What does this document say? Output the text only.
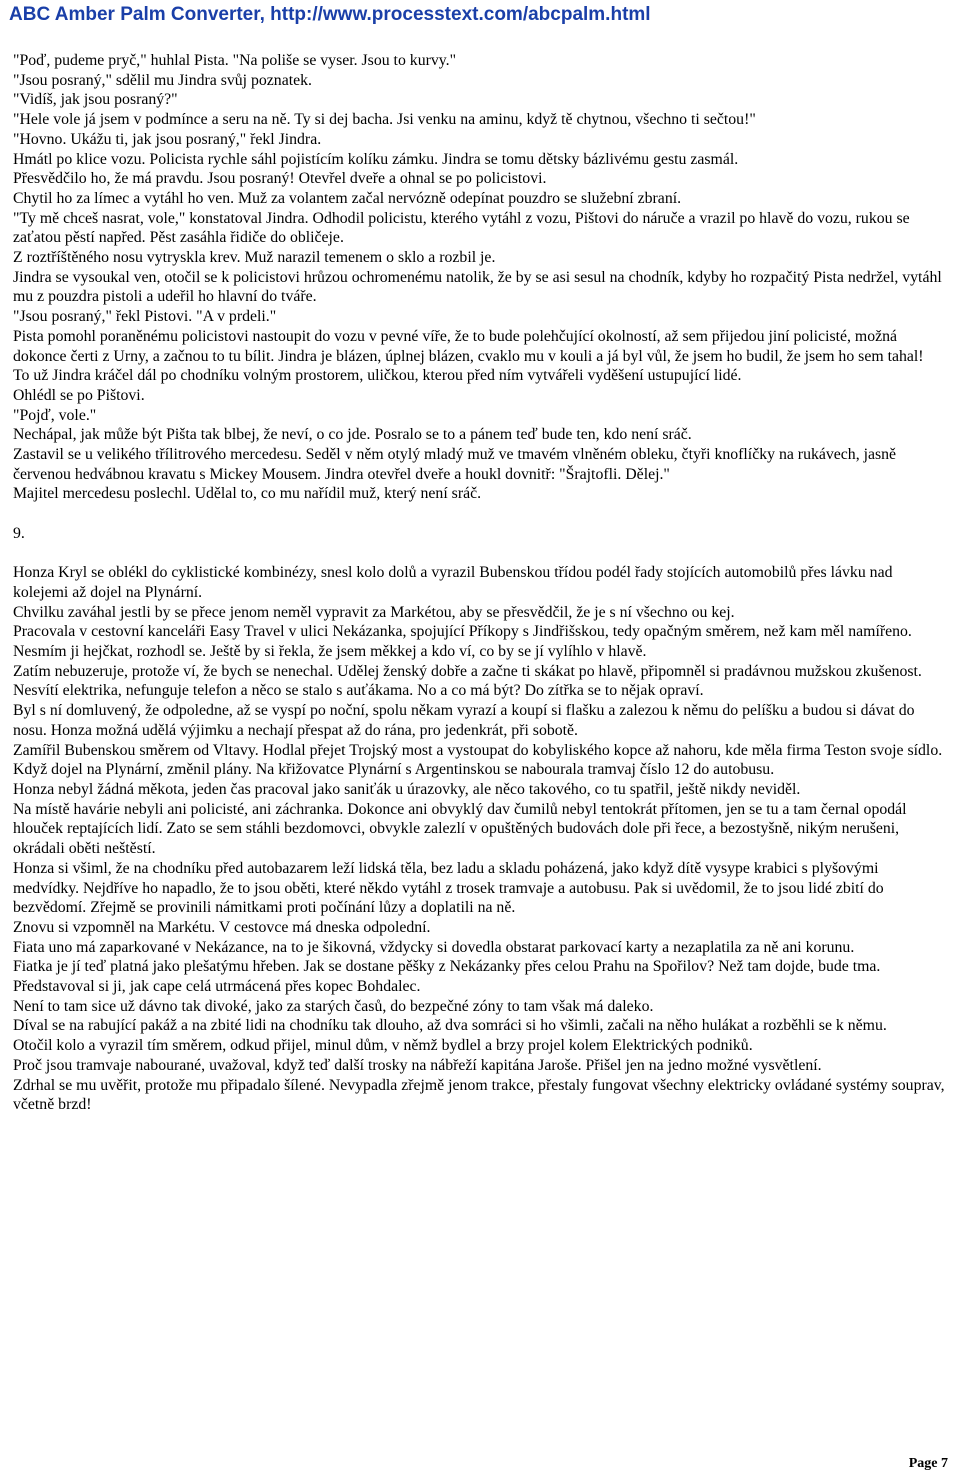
ABC Amber Palm Converter, http://www.processtext.com/abcpalm.html

"Poď, pudeme pryč," huhlal Pista. "Na poliše se vyser. Jsou to kurvy."

"Jsou posraný," sdělil mu Jindra svůj poznatek.

"Vidíš, jak jsou posraný?"

"Hele vole já jsem v podmínce a seru na ně. Ty si dej bacha. Jsi venku na aminu, když tě chytnou, všechno ti sečtou!"

"Hovno. Ukážu ti, jak jsou posraný," řekl Jindra.

Hmátl po klice vozu. Policista rychle sáhl pojistícím kolíku zámku. Jindra se tomu dětsky bázlivému gestu zasmál.

Přesvědčilo ho, že má pravdu. Jsou posraný! Otevřel dveře a ohnal se po policistovi.

Chytil ho za límec a vytáhl ho ven. Muž za volantem začal nervózně odepínat pouzdro se služební zbraní.

"Ty mě chceš nasrat, vole," konstatoval Jindra. Odhodil policistu, kterého vytáhl z vozu, Pištovi do náruče a vrazil po hlavě do vozu, rukou se zaťatou pěstí napřed. Pěst zasáhla řidiče do obličeje.

Z roztříštěného nosu vytryskla krev. Muž narazil temenem o sklo a rozbil je.

Jindra se vysoukal ven, otočil se k policistovi hrůzou ochromenému natolik, že by se asi sesul na chodník, kdyby ho rozpačitý Pista nedržel, vytáhl mu z pouzdra pistoli a udeřil ho hlavní do tváře.

"Jsou posraný," řekl Pistovi. "A v prdeli."

Pista pomohl poraněnému policistovi nastoupit do vozu v pevné víře, že to bude polehčující okolností, až sem přijedou jiní policisté, možná dokonce čerti z Urny, a začnou to tu bílit. Jindra je blázen, úplnej blázen, cvaklo mu v kouli a já byl vůl, že jsem ho budil, že jsem ho sem tahal!

To už Jindra kráčel dál po chodníku volným prostorem, uličkou, kterou před ním vytvářeli vyděšení ustupující lidé.

Ohlédl se po Pištovi.

"Pojď, vole."

Nechápal, jak může být Pišta tak blbej, že neví, o co jde. Posralo se to a pánem teď bude ten, kdo není sráč.

Zastavil se u velikého třílitrového mercedesu. Seděl v něm otylý mladý muž ve tmavém vlněném obleku, čtyři knoflíčky na rukávech, jasně červenou hedvábnou kravatu s Mickey Mousem. Jindra otevřel dveře a houkl dovnitř: "Šrajtofli. Dělej."

Majitel mercedesu poslechl. Udělal to, co mu nařídil muž, který není sráč.

9.

Honza Kryl se oblékl do cyklistické kombinézy, snesl kolo dolů a vyrazil Bubenskou třídou podél řady stojících automobilů přes lávku nad kolejemi až dojel na Plynární.

Chvilku zaváhal jestli by se přece jenom neměl vypravit za Markétou, aby se přesvědčil, že je s ní všechno ou kej.

Pracovala v cestovní kanceláři Easy Travel v ulici Nekázanka, spojující Příkopy s Jindřišskou, tedy opačným směrem, než kam měl namířeno. Nesmím ji hejčkat, rozhodl se. Ještě by si řekla, že jsem měkkej a kdo ví, co by se jí vylíhlo v hlavě.

Zatím nebuzeruje, protože ví, že bych se nenechal. Udělej ženský dobře a začne ti skákat po hlavě, připomněl si pradávnou mužskou zkušenost. Nesvítí elektrika, nefunguje telefon a něco se stalo s auťákama. No a co má být? Do zítřka se to nějak opraví.

Byl s ní domluvený, že odpoledne, až se vyspí po noční, spolu někam vyrazí a koupí si flašku a zalezou k němu do pelíšku a budou si dávat do nosu. Honza možná udělá výjimku a nechají přespat až do rána, pro jedenkrát, při sobotě.

Zamířil Bubenskou směrem od Vltavy. Hodlal přejet Trojský most a vystoupat do kobyliského kopce až nahoru, kde měla firma Teston svoje sídlo. Když dojel na Plynární, změnil plány. Na křižovatce Plynární s Argentinskou se nabourala tramvaj číslo 12 do autobusu.

Honza nebyl žádná měkota, jeden čas pracoval jako saniťák u úrazovky, ale něco takového, co tu spatřil, ještě nikdy neviděl.

Na místě havárie nebyli ani policisté, ani záchranka. Dokonce ani obvyklý dav čumilů nebyl tentokrát přítomen, jen se tu a tam černal opodál hlouček reptajících lidí. Zato se sem stáhli bezdomovci, obvykle zalezlí v opuštěných budovách dole při řece, a bezostyšně, nikým nerušeni, okrádali oběti neštěstí.

Honza si všiml, že na chodníku před autobazarem leží lidská těla, bez ladu a skladu poházená, jako když dítě vysype krabici s plyšovými medvídky. Nejdříve ho napadlo, že to jsou oběti, které někdo vytáhl z trosek tramvaje a autobusu. Pak si uvědomil, že to jsou lidé zbití do bezvědomí. Zřejmě se provinili námitkami proti počínání lůzy a doplatili na ně.

Znovu si vzpomněl na Markétu. V cestovce má dneska odpolední.

Fiata uno má zaparkované v Nekázance, na to je šikovná, vždycky si dovedla obstarat parkovací karty a nezaplatila za ně ani korunu.

Fiatka je jí teď platná jako plešatýmu hřeben. Jak se dostane pěšky z Nekázanky přes celou Prahu na Spořilov? Než tam dojde, bude tma.

Představoval si ji, jak cape celá utrmácená přes kopec Bohdalec.

Není to tam sice už dávno tak divoké, jako za starých časů, do bezpečné zóny to tam však má daleko.

Díval se na rabující pakáž a na zbité lidi na chodníku tak dlouho, až dva somráci si ho všimli, začali na něho hulákat a rozběhli se k němu.

Otočil kolo a vyrazil tím směrem, odkud přijel, minul dům, v němž bydlel a brzy projel kolem Elektrických podniků.

Proč jsou tramvaje nabourané, uvažoval, když teď další trosky na nábřeží kapitána Jaroše. Přišel jen na jedno možné vysvětlení.

Zdrhal se mu uvěřit, protože mu připadalo šílené. Nevypadla zřejmě jenom trakce, přestaly fungovat všechny elektricky ovládané systémy souprav, včetně brzd!

Page 7
